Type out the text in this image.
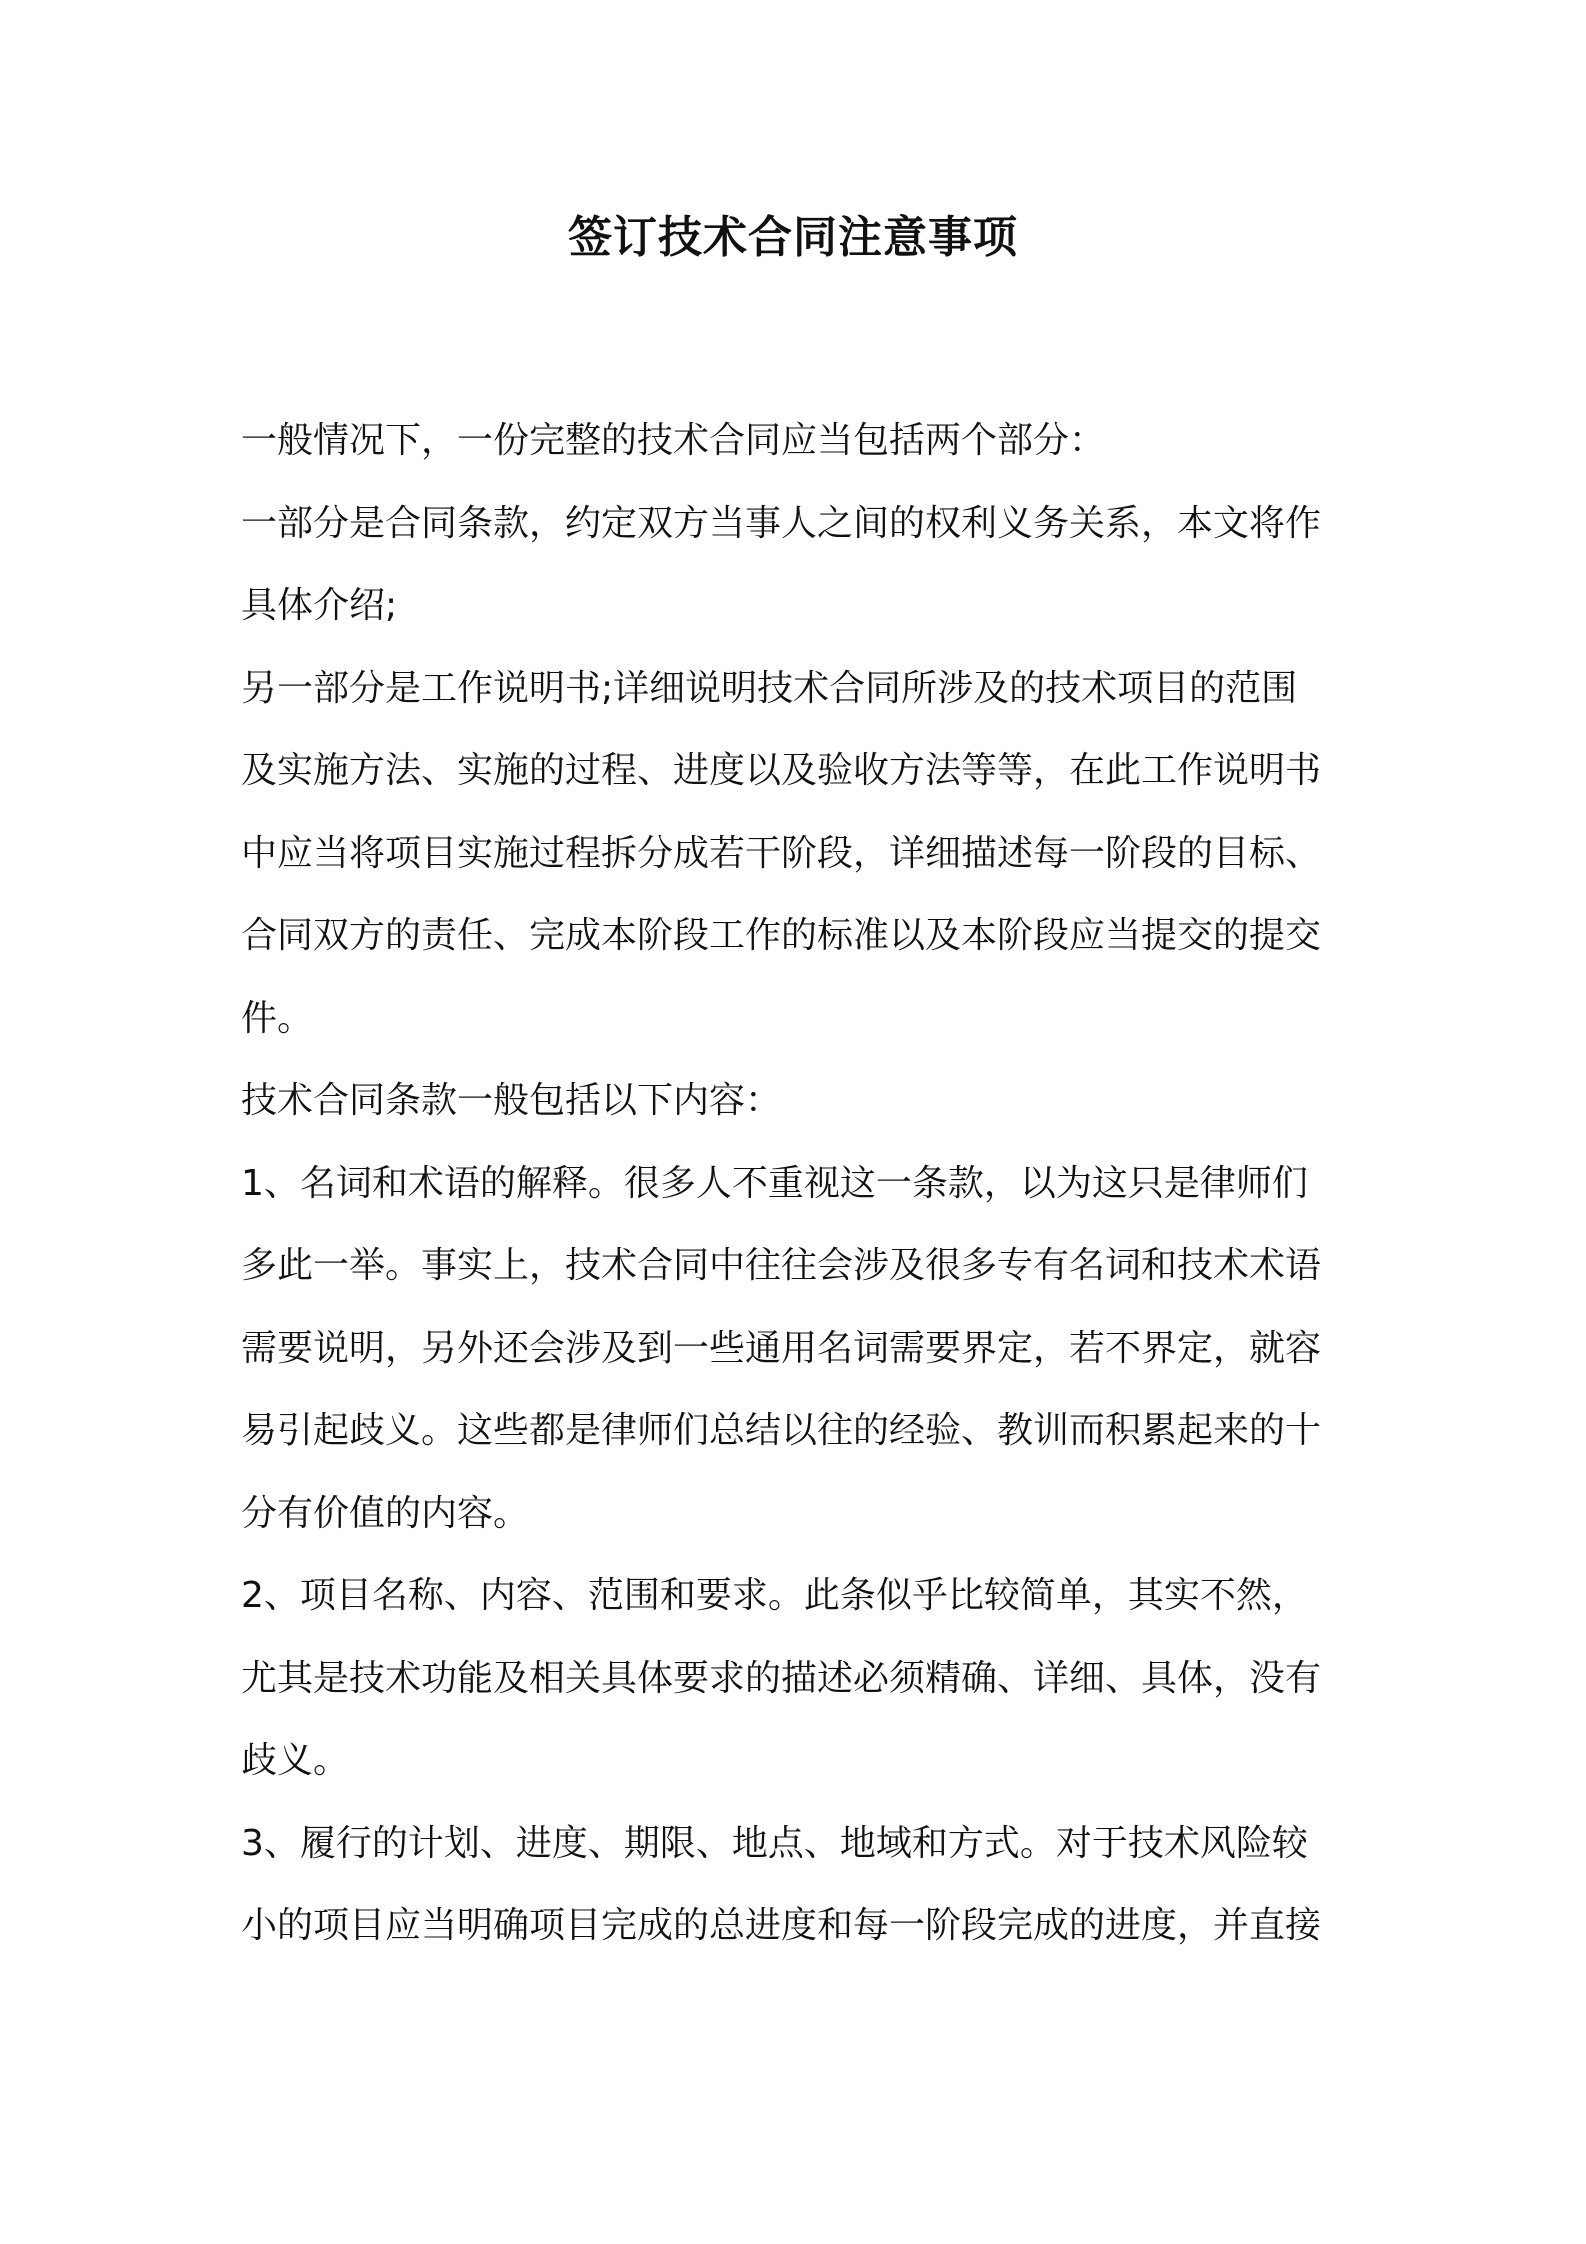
签订技术合同注意事项

一般情况下，一份完整的技术合同应当包括两个部分：

一部分是合同条款，约定双方当事人之间的权利义务关系，本文将作

具体介绍;

另一部分是工作说明书;详细说明技术合同所涉及的技术项目的范围

及实施方法、实施的过程、进度以及验收方法等等，在此工作说明书

中应当将项目实施过程拆分成若干阶段，详细描述每一阶段的目标、

合同双方的责任、完成本阶段工作的标准以及本阶段应当提交的提交

件。

技术合同条款一般包括以下内容：

1、名词和术语的解释。很多人不重视这一条款，以为这只是律师们

多此一举。事实上，技术合同中往往会涉及很多专有名词和技术术语

需要说明，另外还会涉及到一些通用名词需要界定，若不界定，就容

易引起歧义。这些都是律师们总结以往的经验、教训而积累起来的十

分有价值的内容。

2、项目名称、内容、范围和要求。此条似乎比较简单，其实不然，

尤其是技术功能及相关具体要求的描述必须精确、详细、具体，没有

歧义。

3、履行的计划、进度、期限、地点、地域和方式。对于技术风险较

小的项目应当明确项目完成的总进度和每一阶段完成的进度，并直接
